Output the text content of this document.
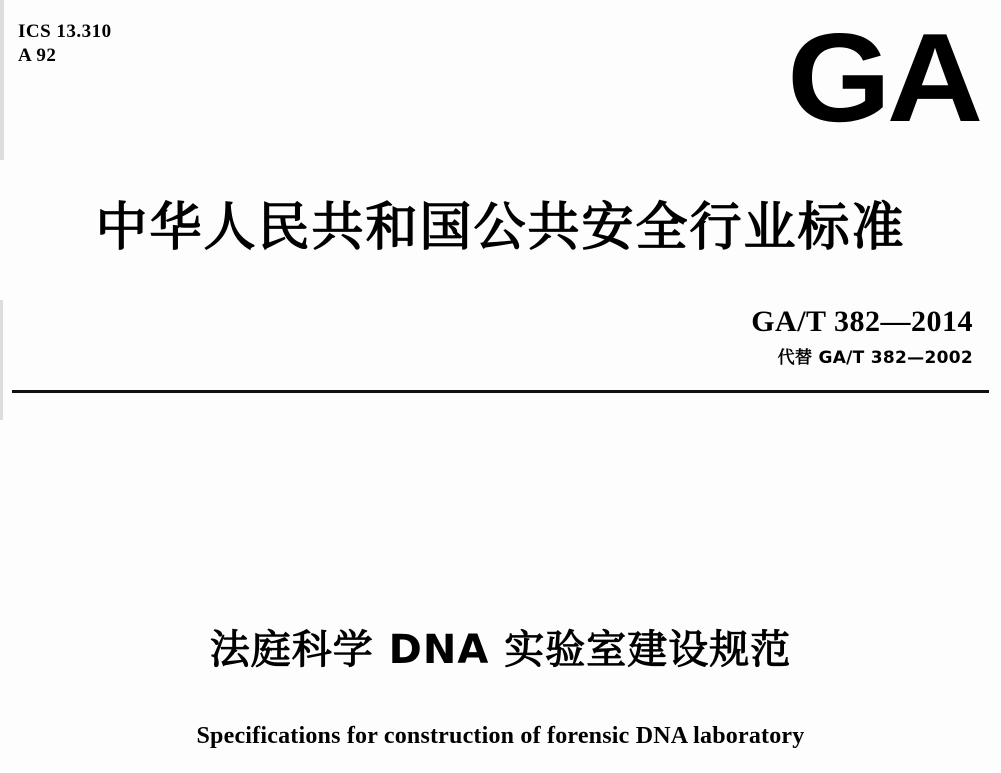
ICS 13.310
A 92	GA
中华人民共和国公共安全行业标准
GA/T 382—2014
代替 GA/T 382—2002
法庭科学 DNA 实验室建设规范
Specifications for construction of forensic DNA laboratory
